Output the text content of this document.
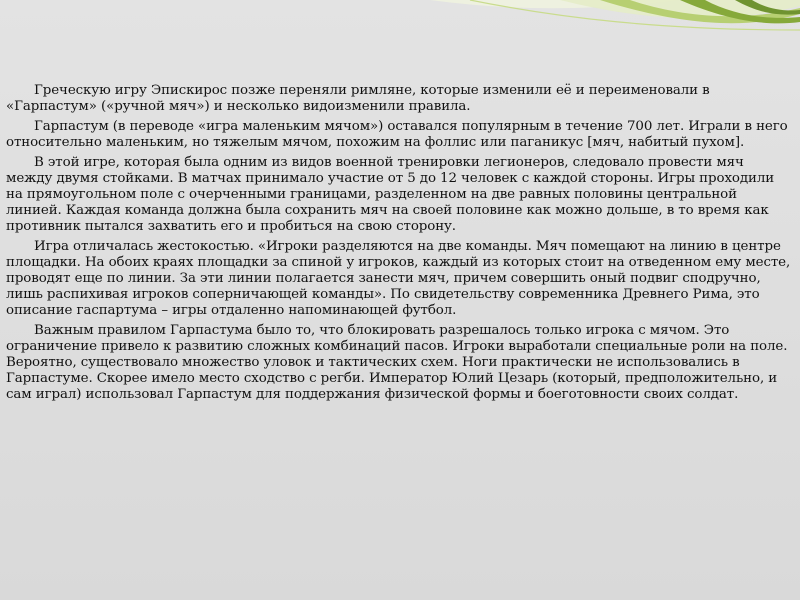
Греческую игру Эпискирос позже переняли римляне, которые изменили её и переименовали в «Гарпастум» («ручной мяч») и несколько видоизменили правила.

Гарпастум (в переводе «игра маленьким мячом») оставался популярным в течение 700 лет. Играли в него относительно маленьким, но тяжелым мячом, похожим на фоллис или паганикус [мяч, набитый пухом].

В этой игре, которая была одним из видов военной тренировки легионеров, следовало провести мяч между двумя стойками. В матчах принимало участие от 5 до 12 человек с каждой стороны. Игры проходили на прямоугольном поле с очерченными границами, разделенном на две равных половины центральной линией. Каждая команда должна была сохранить мяч на своей половине как можно дольше, в то время как противник пытался захватить его и пробиться на свою сторону.

Игра отличалась жестокостью. «Игроки разделяются на две команды. Мяч помещают на линию в центре площадки. На обоих краях площадки за спиной у игроков, каждый из которых стоит на отведенном ему месте, проводят еще по линии. За эти линии полагается занести мяч, причем совершить оный подвиг сподручно, лишь распихивая игроков соперничающей команды». По свидетельству современника Древнего Рима, это описание гаспартума – игры отдаленно напоминающей футбол.

Важным правилом Гарпастума было то, что блокировать разрешалось только игрока с мячом. Это ограничение привело к развитию сложных комбинаций пасов. Игроки выработали специальные роли на поле. Вероятно, существовало множество уловок и тактических схем. Ноги практически не использовались в Гарпастуме. Скорее имело место сходство с регби. Император Юлий Цезарь (который, предположительно, и сам играл) использовал Гарпастум для поддержания физической формы и боеготовности своих солдат.
